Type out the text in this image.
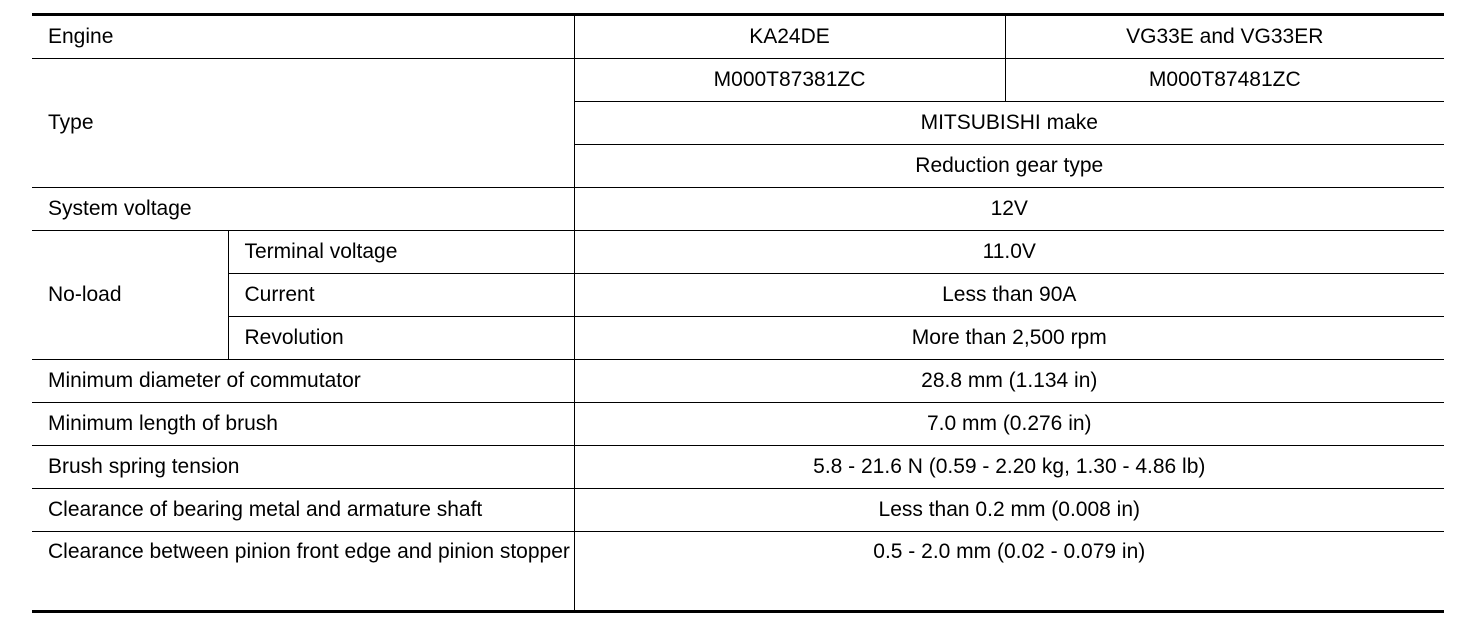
Engine		KA24DE	VG33E and VG33ER
Type		M000T87381ZC	M000T87481ZC
		MITSUBISHI make	
		Reduction gear type	
System voltage		12V	
No-load	Terminal voltage	11.0V	
	Current	Less than 90A	
	Revolution	More than 2,500 rpm	
Minimum diameter of commutator		28.8 mm (1.134 in)	
Minimum length of brush		7.0 mm (0.276 in)	
Brush spring tension		5.8 - 21.6 N (0.59 - 2.20 kg, 1.30 - 4.86 lb)	
Clearance of bearing metal and armature shaft		Less than 0.2 mm (0.008 in)	
Clearance between pinion front edge and pinion stopper		0.5 - 2.0 mm (0.02 - 0.079 in)	
